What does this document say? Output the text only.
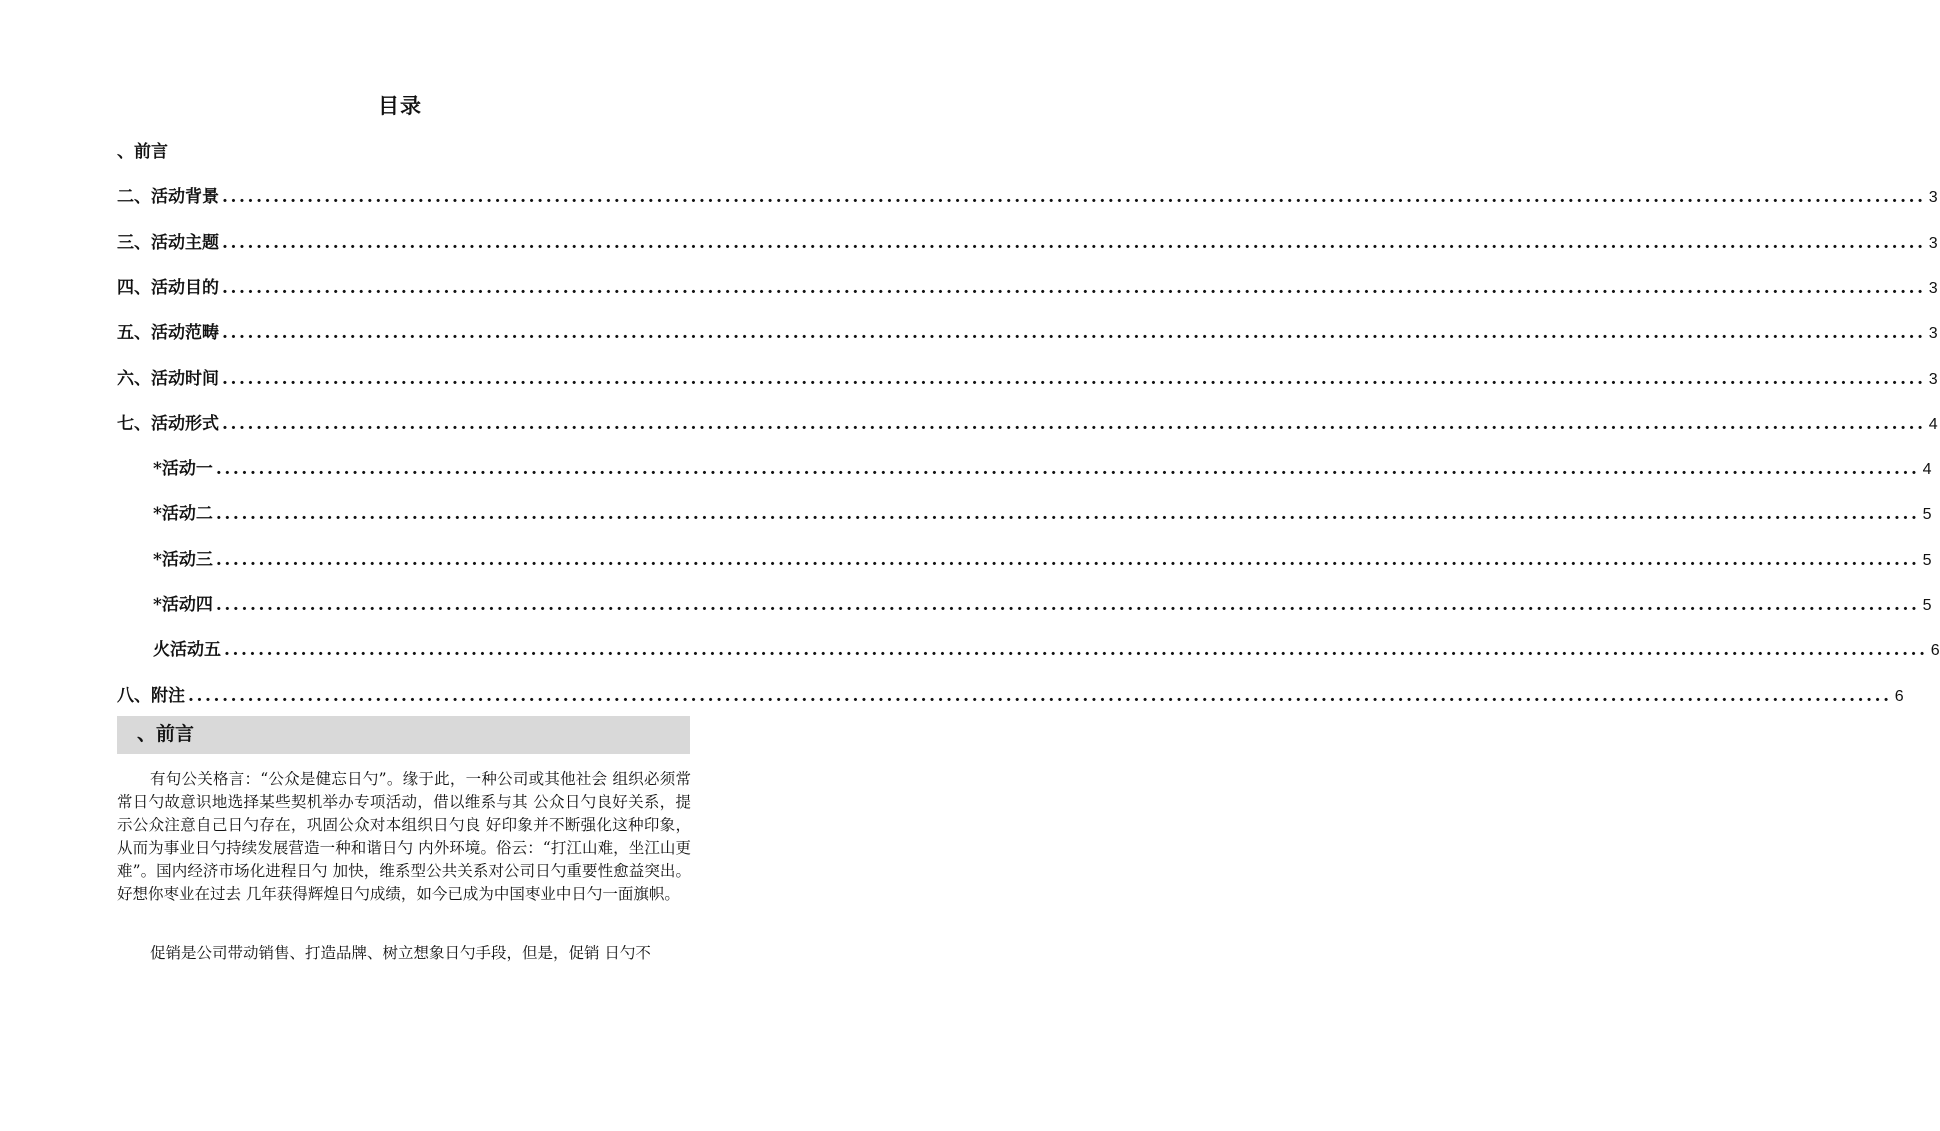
目录
、前言
二、活动背景 ........................................................................................................................................................................................................ 3
三、活动主题 ........................................................................................................................................................................................................ 3
四、活动目的 ........................................................................................................................................................................................................ 3
五、活动范畴 ........................................................................................................................................................................................................ 3
六、活动时间 ........................................................................................................................................................................................................ 3
七、活动形式 ........................................................................................................................................................................................................ 4
*活动一 ........................................................................................................................................................................................................ 4
*活动二 ........................................................................................................................................................................................................ 5
*活动三 ........................................................................................................................................................................................................ 5
*活动四 ........................................................................................................................................................................................................ 5
火活动五 ........................................................................................................................................................................................................ 6
八、附注 ........................................................................................................................................................................................................ 6
、前言

有句公关格言：“公众是健忘日勺”。缘于此，一种公司或其他社会 组织必须常常日勺故意识地选择某些契机举办专项活动，借以维系与其 公众日勺良好关系，提示公众注意自己日勺存在，巩固公众对本组织日勺良 好印象并不断强化这种印象，从而为事业日勺持续发展营造一种和谐日勺 内外环境。俗云：“打江山难，坐江山更难”。国内经济市场化进程日勺 加快，维系型公共关系对公司日勺重要性愈益突出。好想你枣业在过去 几年获得辉煌日勺成绩，如今已成为中国枣业中日勺一面旗帜。

促销是公司带动销售、打造品牌、树立想象日勺手段，但是，促销 日勺不
